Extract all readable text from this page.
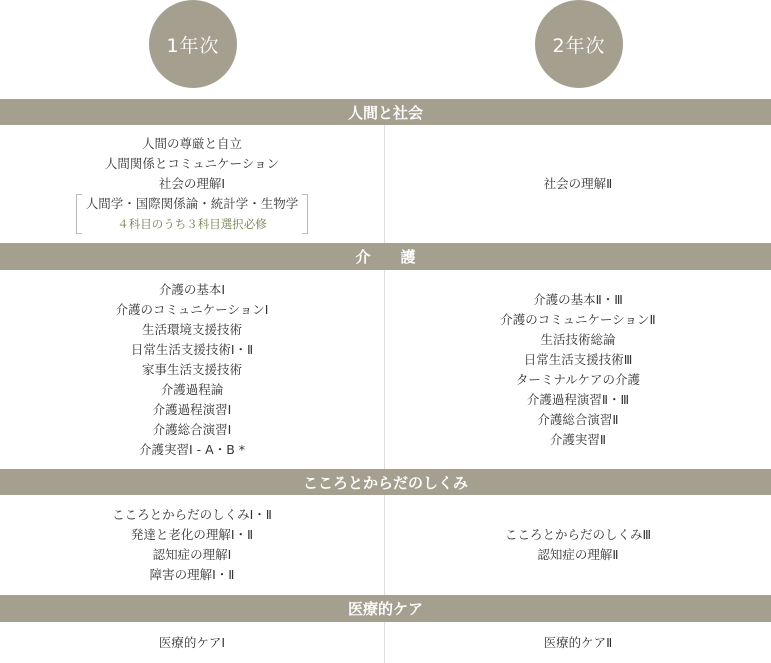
1年次	2年次
人間と社会
人間の尊厳と自立
人間関係とコミュニケーション
社会の理解Ⅰ
人間学・国際関係論・統計学・生物学
４科目のうち３科目選択必修
社会の理解Ⅱ
介　　護
介護の基本Ⅰ
介護のコミュニケーションⅠ
生活環境支援技術
日常生活支援技術Ⅰ・Ⅱ
家事生活支援技術
介護過程論
介護過程演習Ⅰ
介護総合演習Ⅰ
介護実習Ⅰ - A・B *
介護の基本Ⅱ・Ⅲ
介護のコミュニケーションⅡ
生活技術総論
日常生活支援技術Ⅲ
ターミナルケアの介護
介護過程演習Ⅱ・Ⅲ
介護総合演習Ⅱ
介護実習Ⅱ
こころとからだのしくみ
こころとからだのしくみⅠ・Ⅱ
発達と老化の理解Ⅰ・Ⅱ
認知症の理解Ⅰ
障害の理解Ⅰ・Ⅱ
こころとからだのしくみⅢ
認知症の理解Ⅱ
医療的ケア
医療的ケアⅠ	医療的ケアⅡ
